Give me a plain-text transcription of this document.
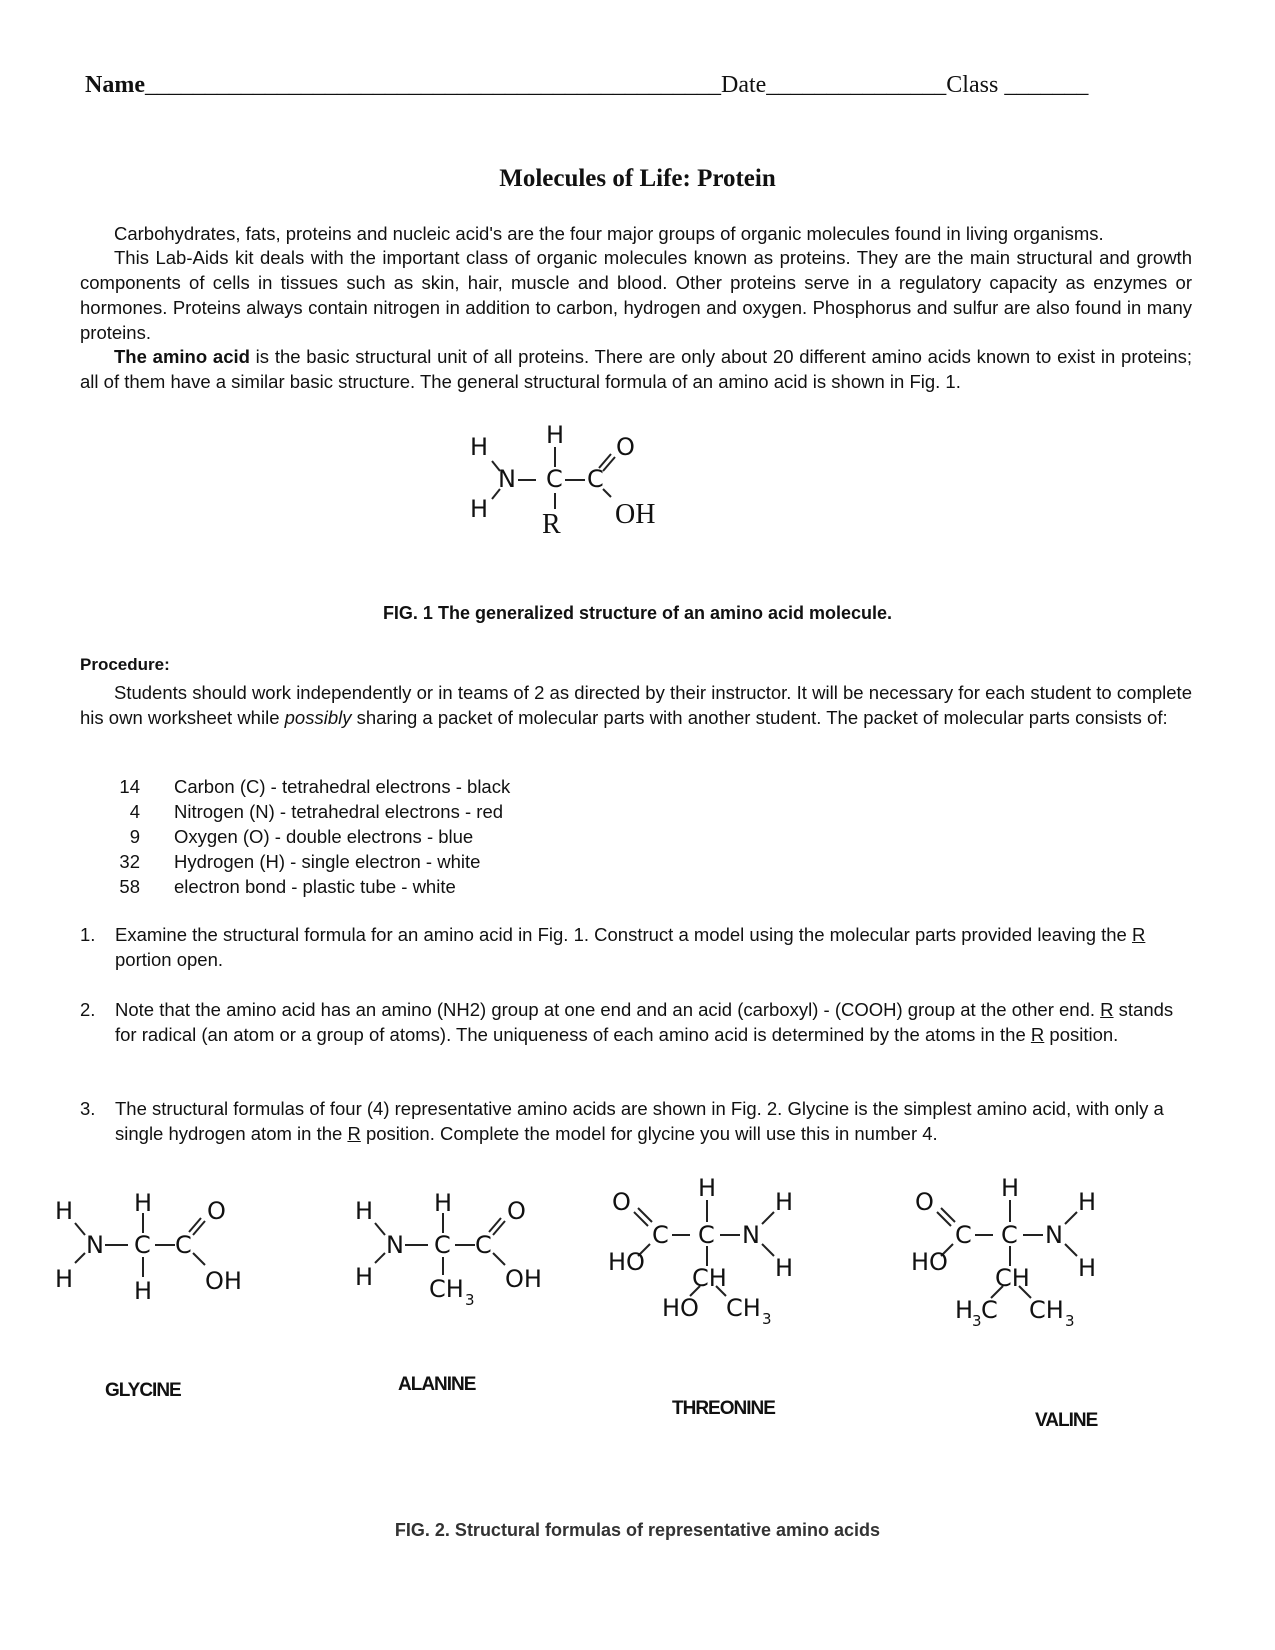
Name________________________________________________Date_______________Class _______
Molecules of Life: Protein
Carbohydrates, fats, proteins and nucleic acid's are the four major groups of organic molecules found in living organisms.
This Lab-Aids kit deals with the important class of organic molecules known as proteins. They are the main structural and growth components of cells in tissues such as skin, hair, muscle and blood. Other proteins serve in a regulatory capacity as enzymes or hormones. Proteins always contain nitrogen in addition to carbon, hydrogen and oxygen. Phosphorus and sulfur are also found in many proteins.
The amino acid is the basic structural unit of all proteins. There are only about 20 different amino acids known to exist in proteins; all of them have a similar basic structure. The general structural formula of an amino acid is shown in Fig. 1.
H
N
H
H
C C
O
R OH
FIG. 1 The generalized structure of an amino acid molecule.
Procedure:
Students should work independently or in teams of 2 as directed by their instructor. It will be necessary for each student to complete his own worksheet while possibly sharing a packet of molecular parts with another student. The packet of molecular parts consists of:
14 Carbon (C) - tetrahedral electrons - black
4 Nitrogen (N) - tetrahedral electrons - red
9 Oxygen (O) - double electrons - blue
32 Hydrogen (H) - single electron - white
58 electron bond - plastic tube - white
1.	Examine the structural formula for an amino acid in Fig. 1. Construct a model using the molecular parts provided leaving the R portion open.
2.	Note that the amino acid has an amino (NH2) group at one end and an acid (carboxyl) - (COOH) group at the other end. R stands for radical (an atom or a group of atoms). The uniqueness of each amino acid is determined by the atoms in the R position.
3.	The structural formulas of four (4) representative amino acids are shown in Fig. 2. Glycine is the simplest amino acid, with only a single hydrogen atom in the R position. Complete the model for glycine you will use this in number 4.
H
N
H
H
C C
O
H OH
GLYCINE
H
N
H
H
C C
O
CH 3
OH
ALANINE
O
C
H
C N
H
H
HO
CH
HO CH 3
THREONINE
O
C
H
C N
H
H
HO
CH
H
3 C CH 3
VALINE
FIG. 2. Structural formulas of representative amino acids
